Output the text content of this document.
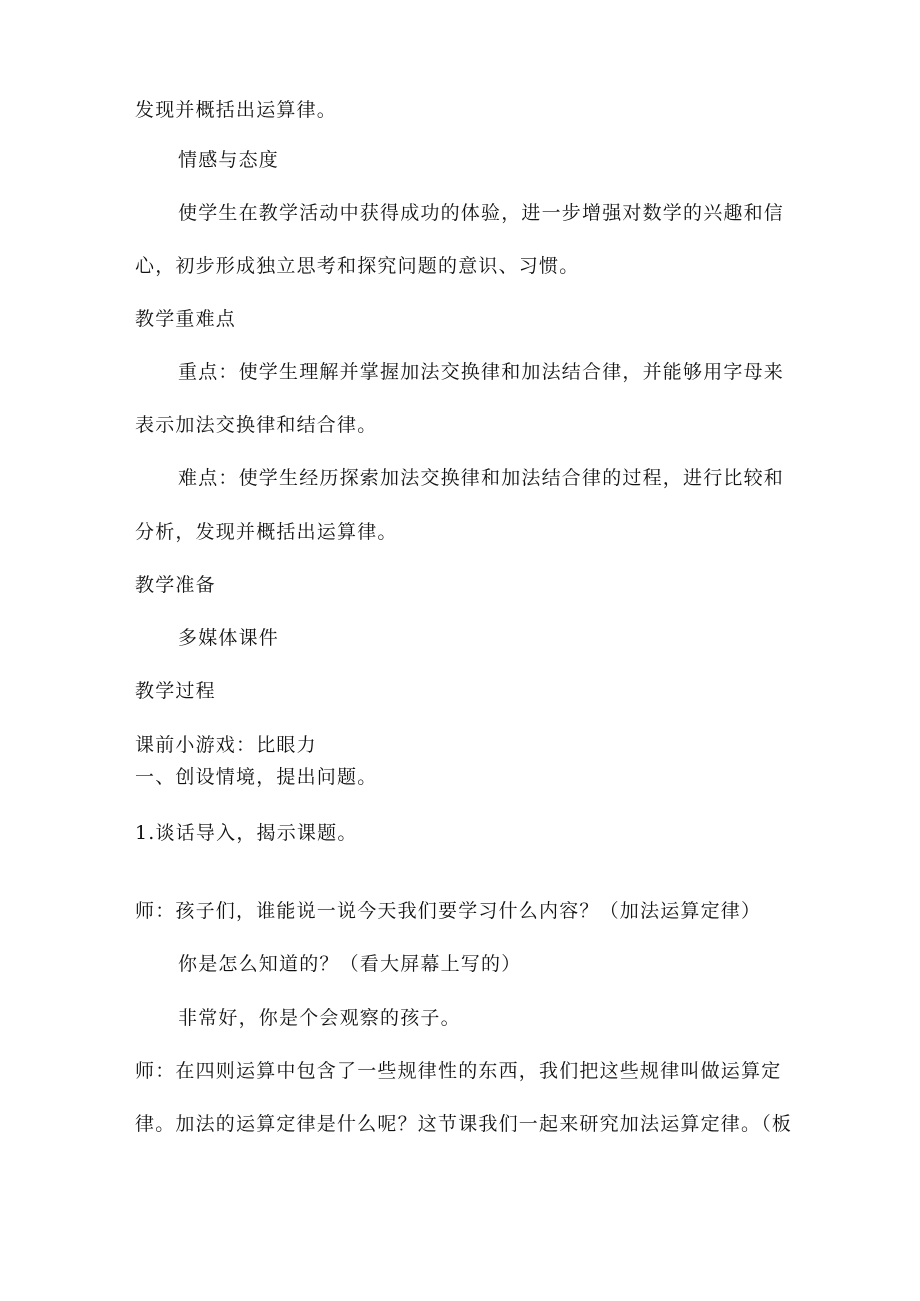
发现并概括出运算律。
情感与态度
使学生在教学活动中获得成功的体验，进一步增强对数学的兴趣和信
心，初步形成独立思考和探究问题的意识、习惯。
教学重难点
重点：使学生理解并掌握加法交换律和加法结合律，并能够用字母来
表示加法交换律和结合律。
难点：使学生经历探索加法交换律和加法结合律的过程，进行比较和
分析，发现并概括出运算律。
教学准备
多媒体课件
教学过程
课前小游戏：比眼力
一、创设情境，提出问题。
1.谈话导入，揭示课题。
师：孩子们，谁能说一说今天我们要学习什么内容？（加法运算定律）
你是怎么知道的？（看大屏幕上写的）
非常好，你是个会观察的孩子。
师：在四则运算中包含了一些规律性的东西，我们把这些规律叫做运算定
律。加法的运算定律是什么呢？这节课我们一起来研究加法运算定律。（板
